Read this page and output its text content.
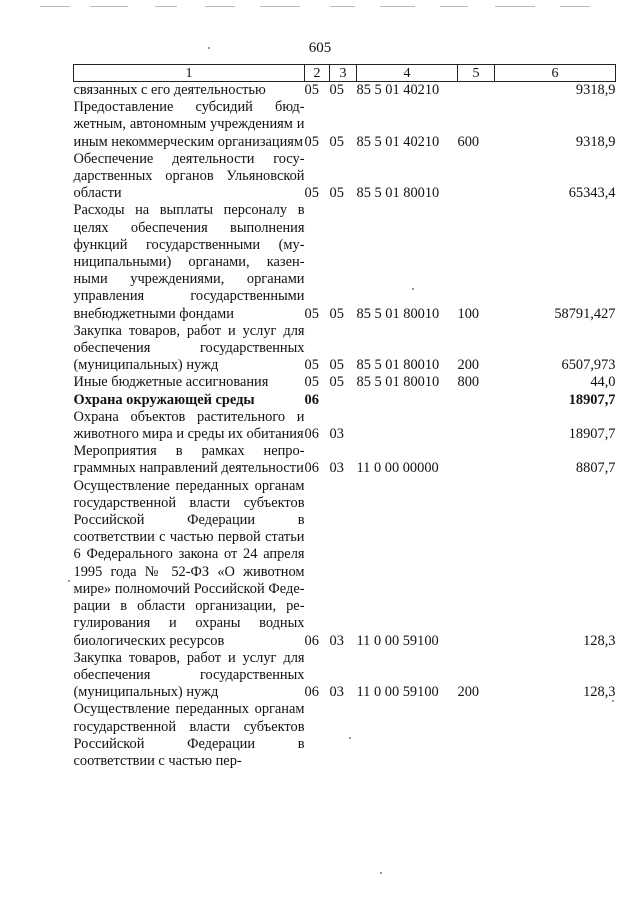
605
1	2	3	4	5	6
связанных с его деятельностью	05	05	85 5 01 40210		9318,9
Предоставление субсидий бюджетным, автономным учреждениям и иным некоммерческим организациям	05	05	85 5 01 40210	600	9318,9
Обеспечение деятельности государственных органов Ульяновской области	05	05	85 5 01 80010		65343,4
Расходы на выплаты персоналу в целях обеспечения выполнения функций государственными (муниципальными) органами, казенными учреждениями, органами управления государственными внебюджетными фондами	05	05	85 5 01 80010	100	58791,427
Закупка товаров, работ и услуг для обеспечения государственных (муниципальных) нужд	05	05	85 5 01 80010	200	6507,973
Иные бюджетные ассигнования	05	05	85 5 01 80010	800	44,0
Охрана окружающей среды	06				18907,7
Охрана объектов растительного и животного мира и среды их обитания	06	03			18907,7
Мероприятия в рамках непрограммных направлений деятельности	06	03	11 0 00 00000		8807,7
Осуществление переданных органам государственной власти субъектов Российской Федерации в соответствии с частью первой статьи 6 Федерального закона от 24 апреля 1995 года № 52-ФЗ «О животном мире» полномочий Российской Федерации в области организации, регулирования и охраны водных биологических ресурсов	06	03	11 0 00 59100		128,3
Закупка товаров, работ и услуг для обеспечения государственных (муниципальных) нужд	06	03	11 0 00 59100	200	128,3
Осуществление переданных органам государственной власти субъектов Российской Федерации в соответствии с частью пер-					
